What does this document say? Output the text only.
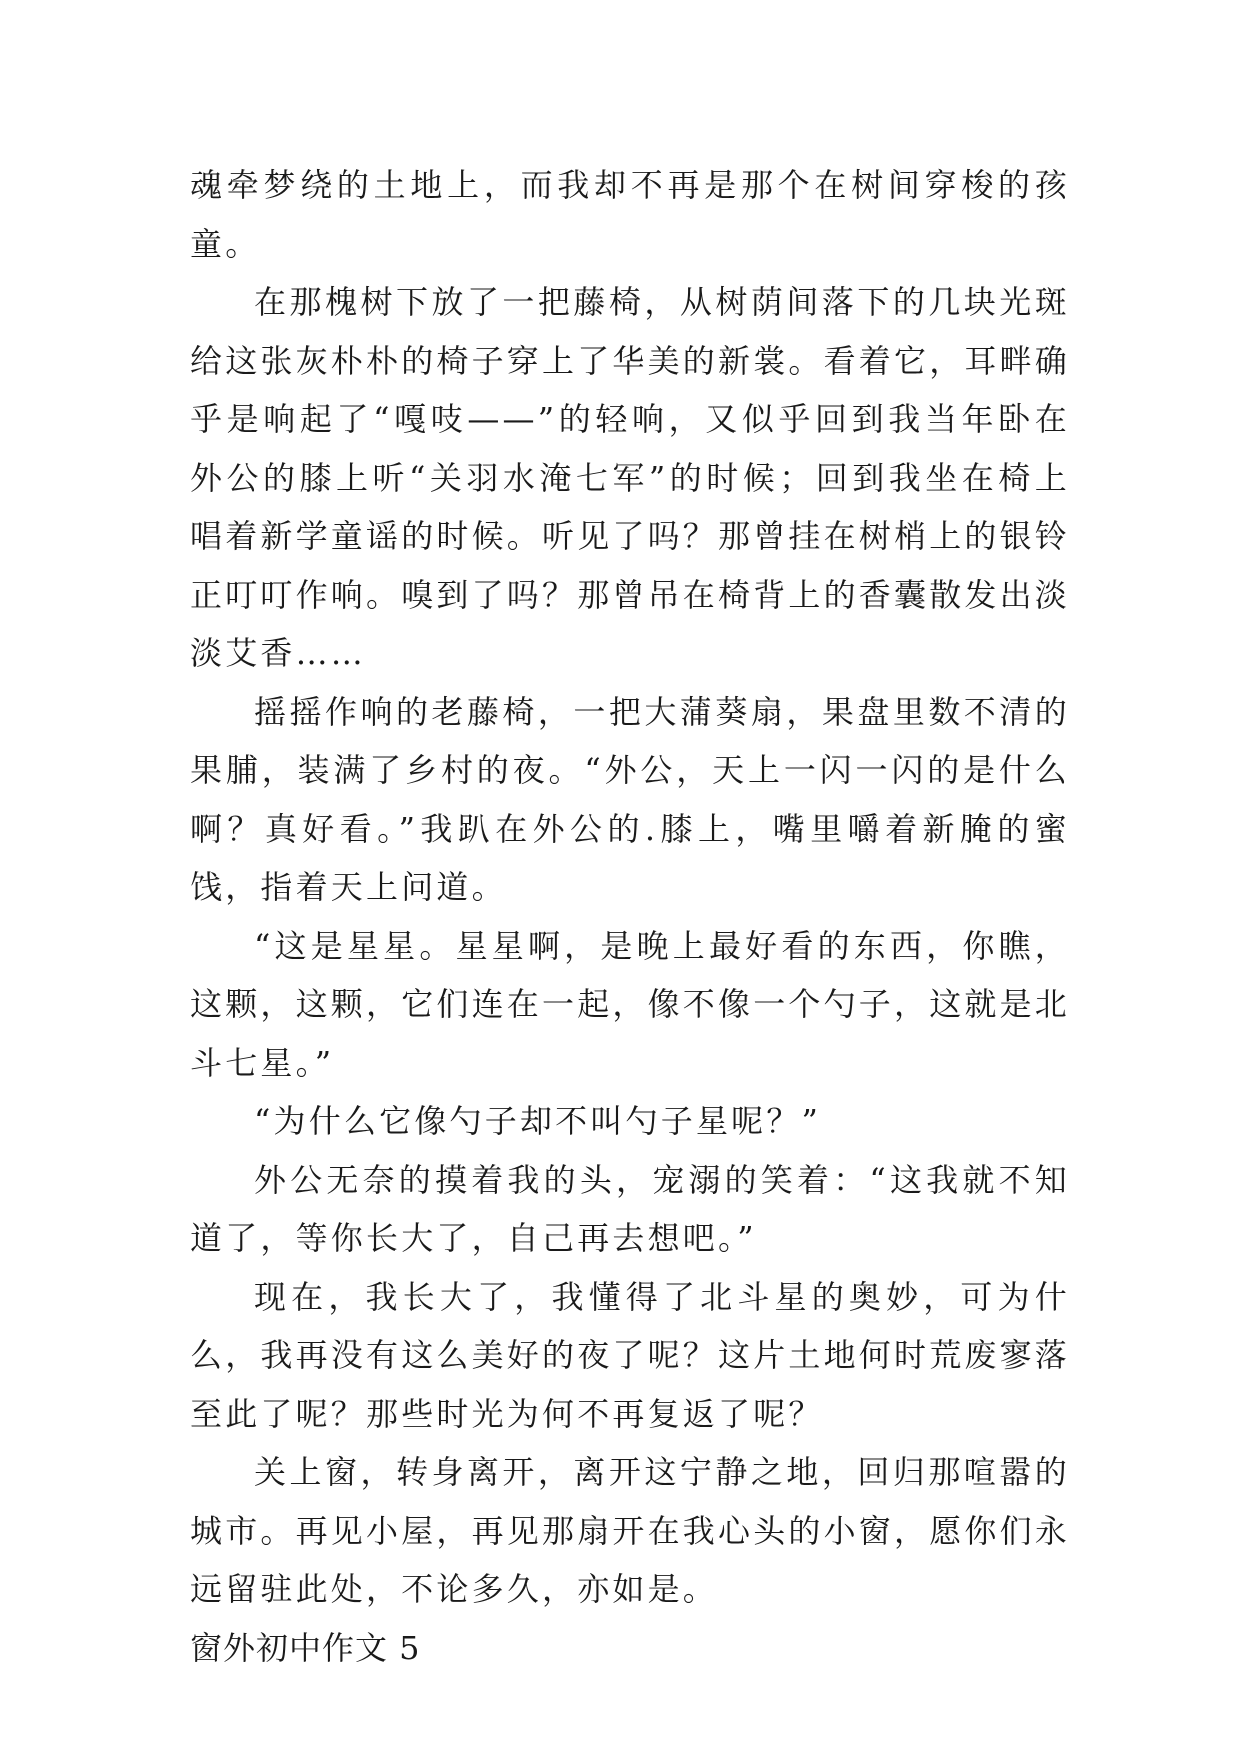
魂牵梦绕的土地上，而我却不再是那个在树间穿梭的孩童。

在那槐树下放了一把藤椅，从树荫间落下的几块光斑给这张灰朴朴的椅子穿上了华美的新裳。看着它，耳畔确乎是响起了“嘎吱——”的轻响，又似乎回到我当年卧在外公的膝上听“关羽水淹七军”的时候；回到我坐在椅上唱着新学童谣的时候。听见了吗？那曾挂在树梢上的银铃正叮叮作响。嗅到了吗？那曾吊在椅背上的香囊散发出淡淡艾香……

摇摇作响的老藤椅，一把大蒲葵扇，果盘里数不清的果脯，装满了乡村的夜。“外公，天上一闪一闪的是什么啊？真好看。”我趴在外公的.膝上，嘴里嚼着新腌的蜜饯，指着天上问道。

“这是星星。星星啊，是晚上最好看的东西，你瞧，这颗，这颗，它们连在一起，像不像一个勺子，这就是北斗七星。”

“为什么它像勺子却不叫勺子星呢？”

外公无奈的摸着我的头，宠溺的笑着：“这我就不知道了，等你长大了，自己再去想吧。”

现在，我长大了，我懂得了北斗星的奥妙，可为什么，我再没有这么美好的夜了呢？这片土地何时荒废寥落至此了呢？那些时光为何不再复返了呢？

关上窗，转身离开，离开这宁静之地，回归那喧嚣的城市。再见小屋，再见那扇开在我心头的小窗，愿你们永远留驻此处，不论多久，亦如是。

窗外初中作文 5
